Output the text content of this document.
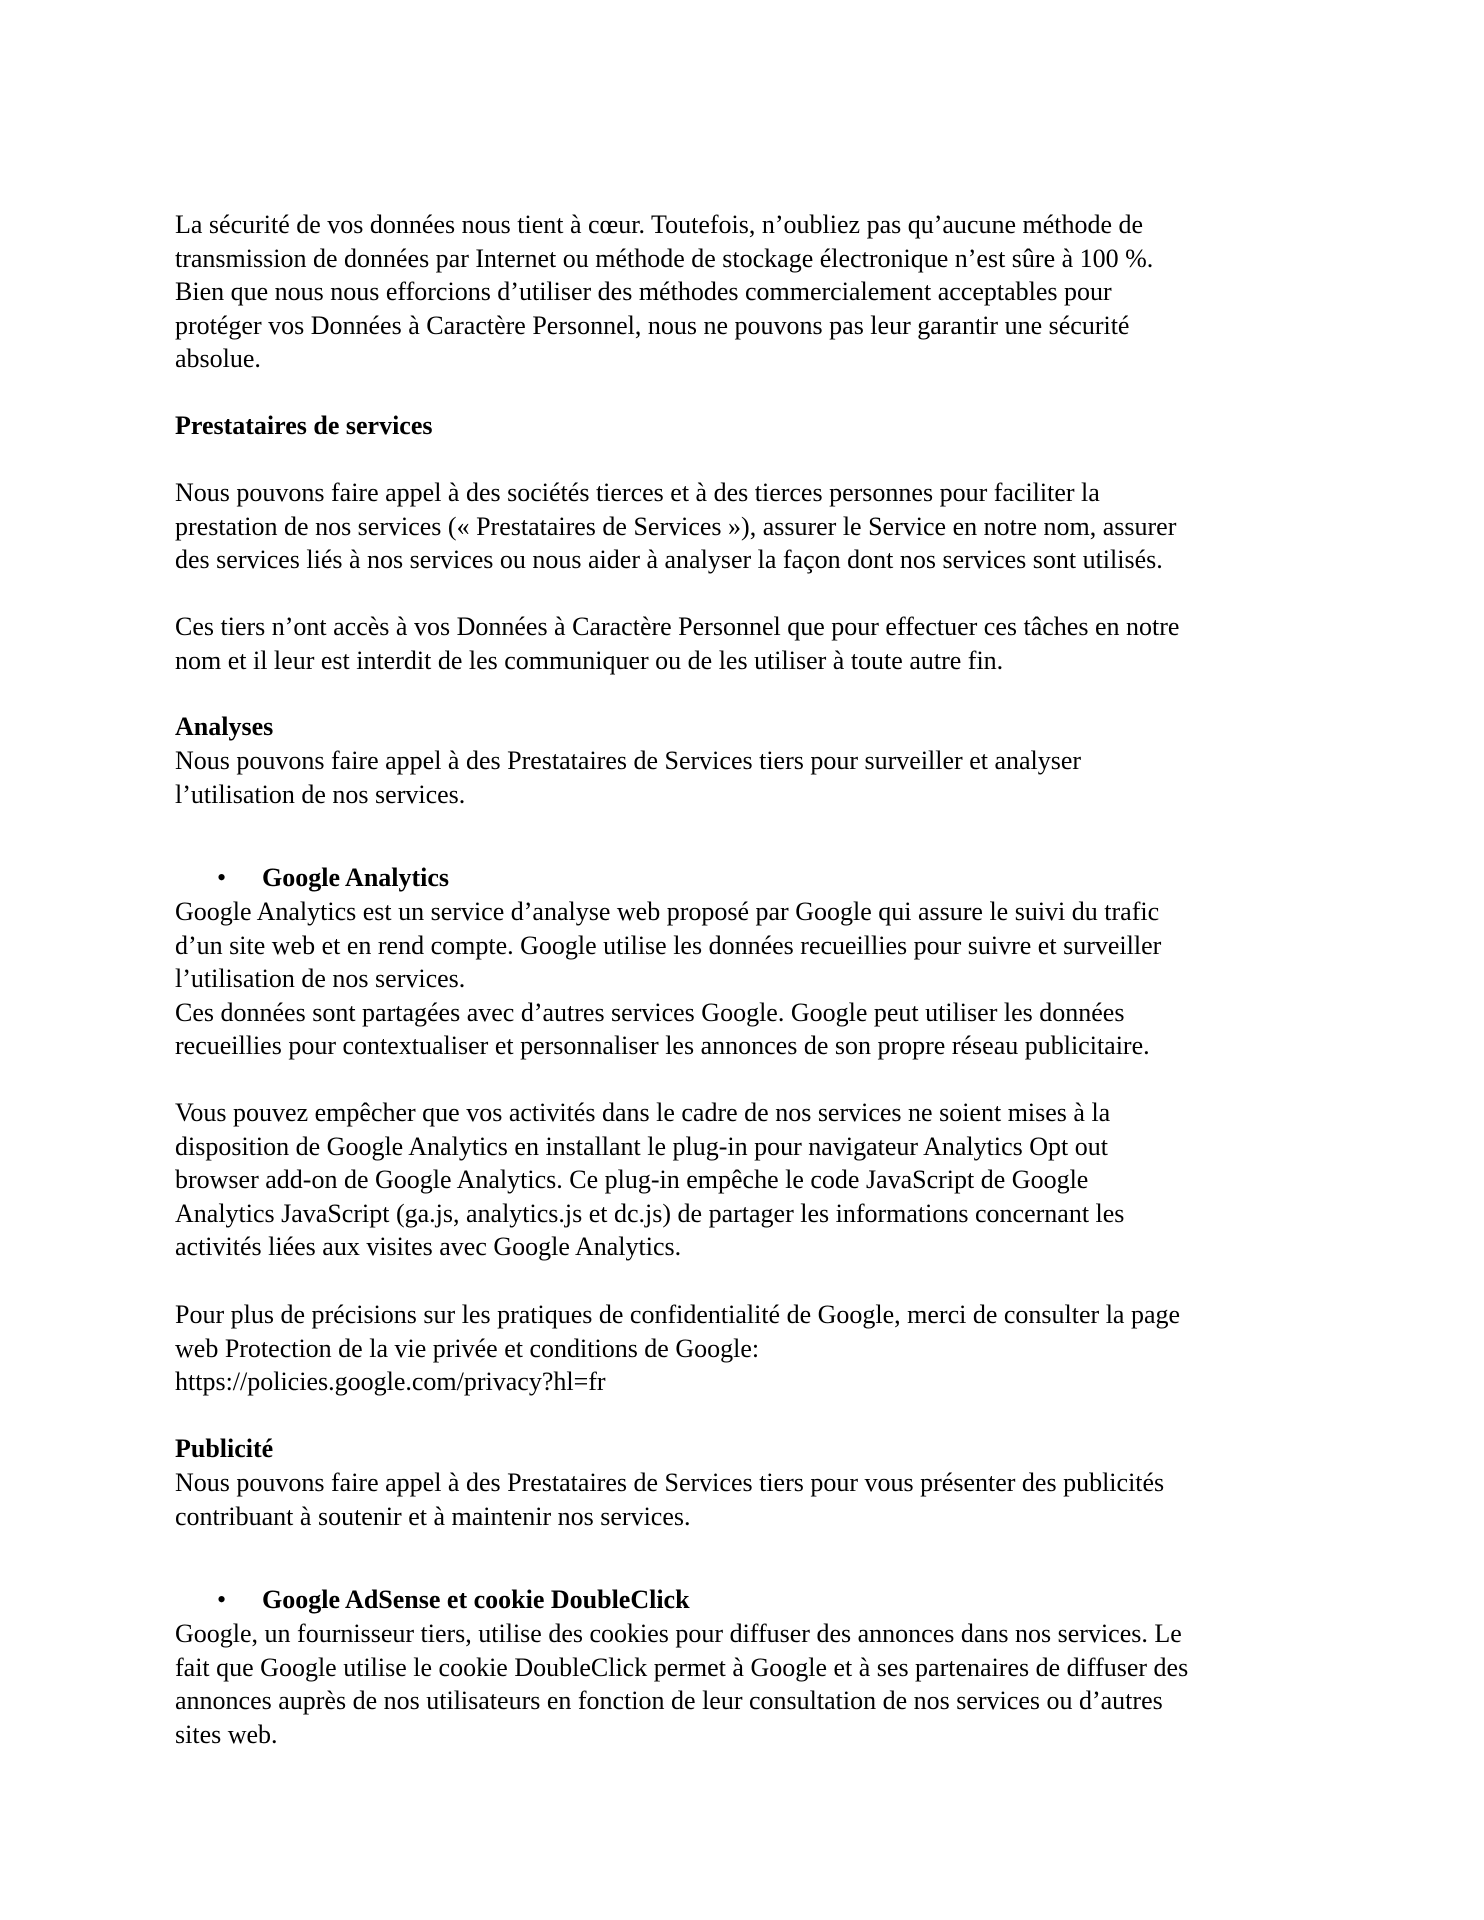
La sécurité de vos données nous tient à cœur. Toutefois, n’oubliez pas qu’aucune méthode de
transmission de données par Internet ou méthode de stockage électronique n’est sûre à 100 %.
Bien que nous nous efforcions d’utiliser des méthodes commercialement acceptables pour
protéger vos Données à Caractère Personnel, nous ne pouvons pas leur garantir une sécurité
absolue.
Prestataires de services
Nous pouvons faire appel à des sociétés tierces et à des tierces personnes pour faciliter la
prestation de nos services (« Prestataires de Services »), assurer le Service en notre nom, assurer
des services liés à nos services ou nous aider à analyser la façon dont nos services sont utilisés.
Ces tiers n’ont accès à vos Données à Caractère Personnel que pour effectuer ces tâches en notre
nom et il leur est interdit de les communiquer ou de les utiliser à toute autre fin.
Analyses
Nous pouvons faire appel à des Prestataires de Services tiers pour surveiller et analyser
l’utilisation de nos services.
• Google Analytics
Google Analytics est un service d’analyse web proposé par Google qui assure le suivi du trafic
d’un site web et en rend compte. Google utilise les données recueillies pour suivre et surveiller
l’utilisation de nos services.
Ces données sont partagées avec d’autres services Google. Google peut utiliser les données
recueillies pour contextualiser et personnaliser les annonces de son propre réseau publicitaire.
Vous pouvez empêcher que vos activités dans le cadre de nos services ne soient mises à la
disposition de Google Analytics en installant le plug-in pour navigateur Analytics Opt out
browser add-on de Google Analytics. Ce plug-in empêche le code JavaScript de Google
Analytics JavaScript (ga.js, analytics.js et dc.js) de partager les informations concernant les
activités liées aux visites avec Google Analytics.
Pour plus de précisions sur les pratiques de confidentialité de Google, merci de consulter la page
web Protection de la vie privée et conditions de Google:
https://policies.google.com/privacy?hl=fr
Publicité
Nous pouvons faire appel à des Prestataires de Services tiers pour vous présenter des publicités
contribuant à soutenir et à maintenir nos services.
• Google AdSense et cookie DoubleClick
Google, un fournisseur tiers, utilise des cookies pour diffuser des annonces dans nos services. Le
fait que Google utilise le cookie DoubleClick permet à Google et à ses partenaires de diffuser des
annonces auprès de nos utilisateurs en fonction de leur consultation de nos services ou d’autres
sites web.
